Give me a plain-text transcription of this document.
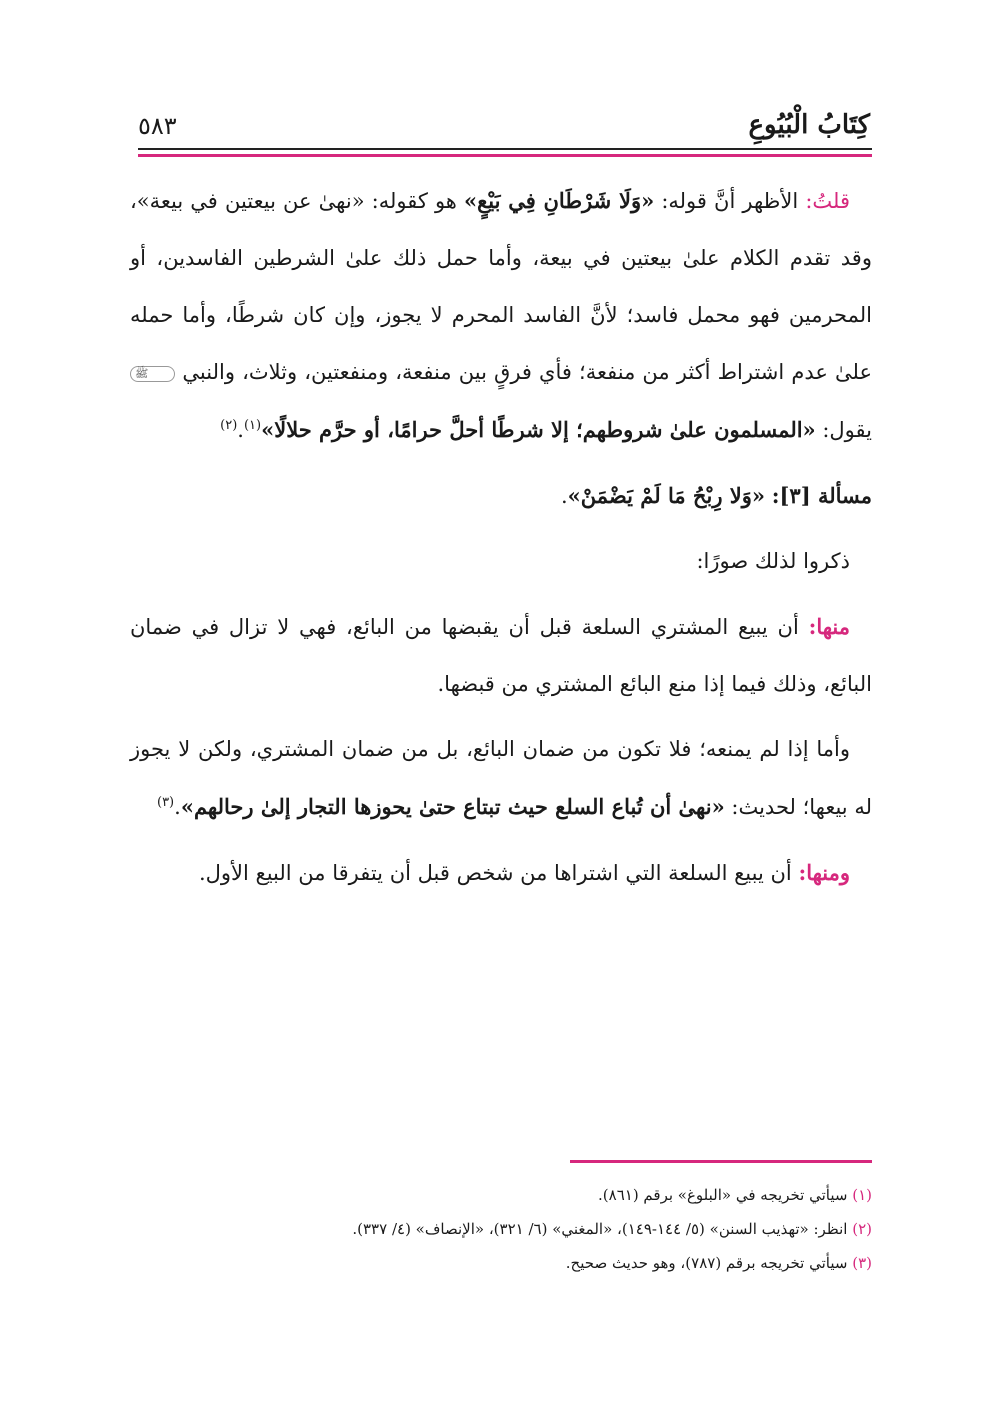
كِتَابُ الْبُيُوعِ
٥٨٣

قلتُ: الأظهر أنَّ قوله: «وَلَا شَرْطَانِ فِي بَيْعٍ» هو كقوله: «نهىٰ عن بيعتين في بيعة»، وقد تقدم الكلام علىٰ بيعتين في بيعة، وأما حمل ذلك علىٰ الشرطين الفاسدين، أو المحرمين فهو محمل فاسد؛ لأنَّ الفاسد المحرم لا يجوز، وإن كان شرطًا، وأما حمله علىٰ عدم اشتراط أكثر من منفعة؛ فأي فرقٍ بين منفعة، ومنفعتين، وثلاث، والنبي ﷺ يقول: «المسلمون علىٰ شروطهم؛ إلا شرطًا أحلَّ حرامًا، أو حرَّم حلالًا»$^{(١)}$.$^{(٢)}$

مسألة [٣]: «وَلا رِبْحُ مَا لَمْ يَضْمَنْ».

ذكروا لذلك صورًا:

منها: أن يبيع المشتري السلعة قبل أن يقبضها من البائع، فهي لا تزال في ضمان البائع، وذلك فيما إذا منع البائع المشتري من قبضها.

وأما إذا لم يمنعه؛ فلا تكون من ضمان البائع، بل من ضمان المشتري، ولكن لا يجوز له بيعها؛ لحديث: «نهىٰ أن تُباع السلع حيث تبتاع حتىٰ يحوزها التجار إلىٰ رحالهم».$^{(٣)}$

ومنها: أن يبيع السلعة التي اشتراها من شخص قبل أن يتفرقا من البيع الأول.

(١) سيأتي تخريجه في «البلوغ» برقم (٨٦١).

(٢) انظر: «تهذيب السنن» (٥/ ١٤٤-١٤٩)، «المغني» (٦/ ٣٢١)، «الإنصاف» (٤/ ٣٣٧).

(٣) سيأتي تخريجه برقم (٧٨٧)، وهو حديث صحيح.
